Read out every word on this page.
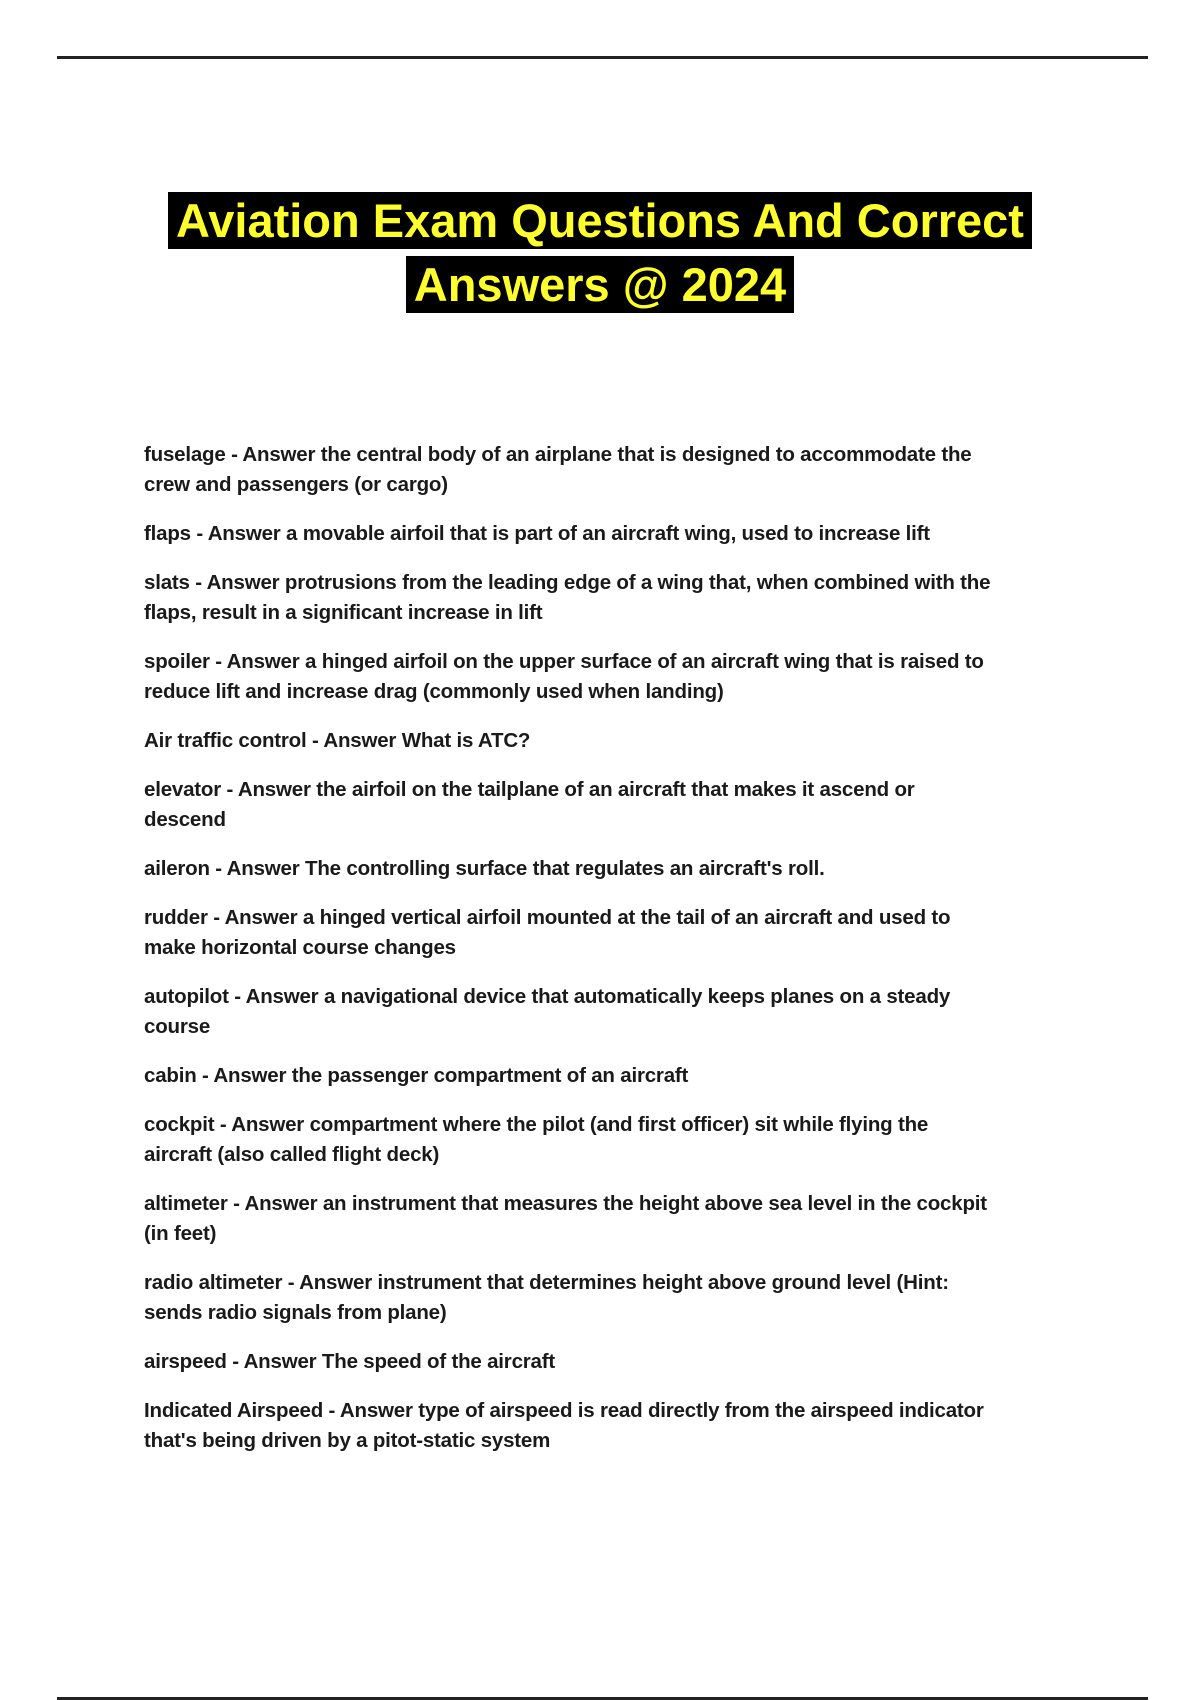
Aviation Exam Questions And Correct
Answers @ 2024
fuselage - Answer the central body of an airplane that is designed to accommodate the
crew and passengers (or cargo)
flaps - Answer a movable airfoil that is part of an aircraft wing, used to increase lift
slats - Answer protrusions from the leading edge of a wing that, when combined with the
flaps, result in a significant increase in lift
spoiler - Answer a hinged airfoil on the upper surface of an aircraft wing that is raised to
reduce lift and increase drag (commonly used when landing)
Air traffic control - Answer What is ATC?
elevator - Answer the airfoil on the tailplane of an aircraft that makes it ascend or
descend
aileron - Answer The controlling surface that regulates an aircraft's roll.
rudder - Answer a hinged vertical airfoil mounted at the tail of an aircraft and used to
make horizontal course changes
autopilot - Answer a navigational device that automatically keeps planes on a steady
course
cabin - Answer the passenger compartment of an aircraft
cockpit - Answer compartment where the pilot (and first officer) sit while flying the
aircraft (also called flight deck)
altimeter - Answer an instrument that measures the height above sea level in the cockpit
(in feet)
radio altimeter - Answer instrument that determines height above ground level (Hint:
sends radio signals from plane)
airspeed - Answer The speed of the aircraft
Indicated Airspeed - Answer type of airspeed is read directly from the airspeed indicator
that's being driven by a pitot-static system
